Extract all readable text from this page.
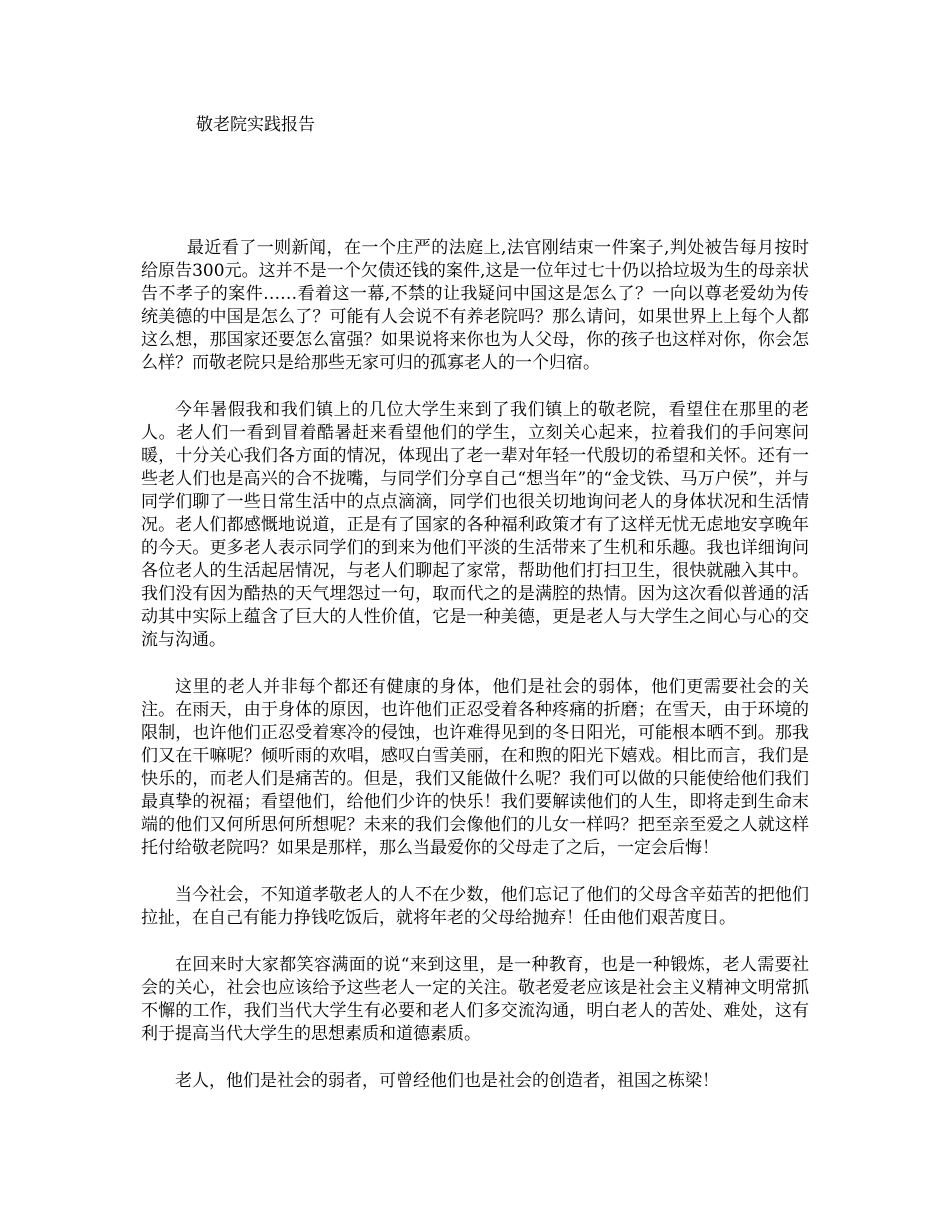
敬老院实践报告

最近看了一则新闻，在一个庄严的法庭上,法官刚结束一件案子,判处被告每月按时给原告300元。这并不是一个欠债还钱的案件,这是一位年过七十仍以拾垃圾为生的母亲状告不孝子的案件……看着这一幕,不禁的让我疑问中国这是怎么了？一向以尊老爱幼为传统美德的中国是怎么了？可能有人会说不有养老院吗？那么请问，如果世界上上每个人都这么想，那国家还要怎么富强？如果说将来你也为人父母，你的孩子也这样对你，你会怎么样？而敬老院只是给那些无家可归的孤寡老人的一个归宿。

今年暑假我和我们镇上的几位大学生来到了我们镇上的敬老院，看望住在那里的老人。老人们一看到冒着酷暑赶来看望他们的学生，立刻关心起来，拉着我们的手问寒问暖，十分关心我们各方面的情况，体现出了老一辈对年轻一代殷切的希望和关怀。还有一些老人们也是高兴的合不拢嘴，与同学们分享自己“想当年”的“金戈铁、马万户侯”，并与同学们聊了一些日常生活中的点点滴滴，同学们也很关切地询问老人的身体状况和生活情况。老人们都感慨地说道，正是有了国家的各种福利政策才有了这样无忧无虑地安享晚年的今天。更多老人表示同学们的到来为他们平淡的生活带来了生机和乐趣。我也详细询问各位老人的生活起居情况，与老人们聊起了家常，帮助他们打扫卫生，很快就融入其中。我们没有因为酷热的天气埋怨过一句，取而代之的是满腔的热情。因为这次看似普通的活动其中实际上蕴含了巨大的人性价值，它是一种美德，更是老人与大学生之间心与心的交流与沟通。

这里的老人并非每个都还有健康的身体，他们是社会的弱体，他们更需要社会的关注。在雨天，由于身体的原因，也许他们正忍受着各种疼痛的折磨；在雪天，由于环境的限制，也许他们正忍受着寒冷的侵蚀，也许难得见到的冬日阳光，可能根本晒不到。那我们又在干嘛呢？倾听雨的欢唱，感叹白雪美丽，在和煦的阳光下嬉戏。相比而言，我们是快乐的，而老人们是痛苦的。但是，我们又能做什么呢？我们可以做的只能使给他们我们最真挚的祝福；看望他们，给他们少许的快乐！我们要解读他们的人生，即将走到生命末端的他们又何所思何所想呢？未来的我们会像他们的儿女一样吗？把至亲至爱之人就这样托付给敬老院吗？如果是那样，那么当最爱你的父母走了之后，一定会后悔！

当今社会，不知道孝敬老人的人不在少数，他们忘记了他们的父母含辛茹苦的把他们拉扯，在自己有能力挣钱吃饭后，就将年老的父母给抛弃！任由他们艰苦度日。

在回来时大家都笑容满面的说“来到这里，是一种教育，也是一种锻炼，老人需要社会的关心，社会也应该给予这些老人一定的关注。敬老爱老应该是社会主义精神文明常抓不懈的工作，我们当代大学生有必要和老人们多交流沟通，明白老人的苦处、难处，这有利于提高当代大学生的思想素质和道德素质。

老人，他们是社会的弱者，可曾经他们也是社会的创造者，祖国之栋梁！
